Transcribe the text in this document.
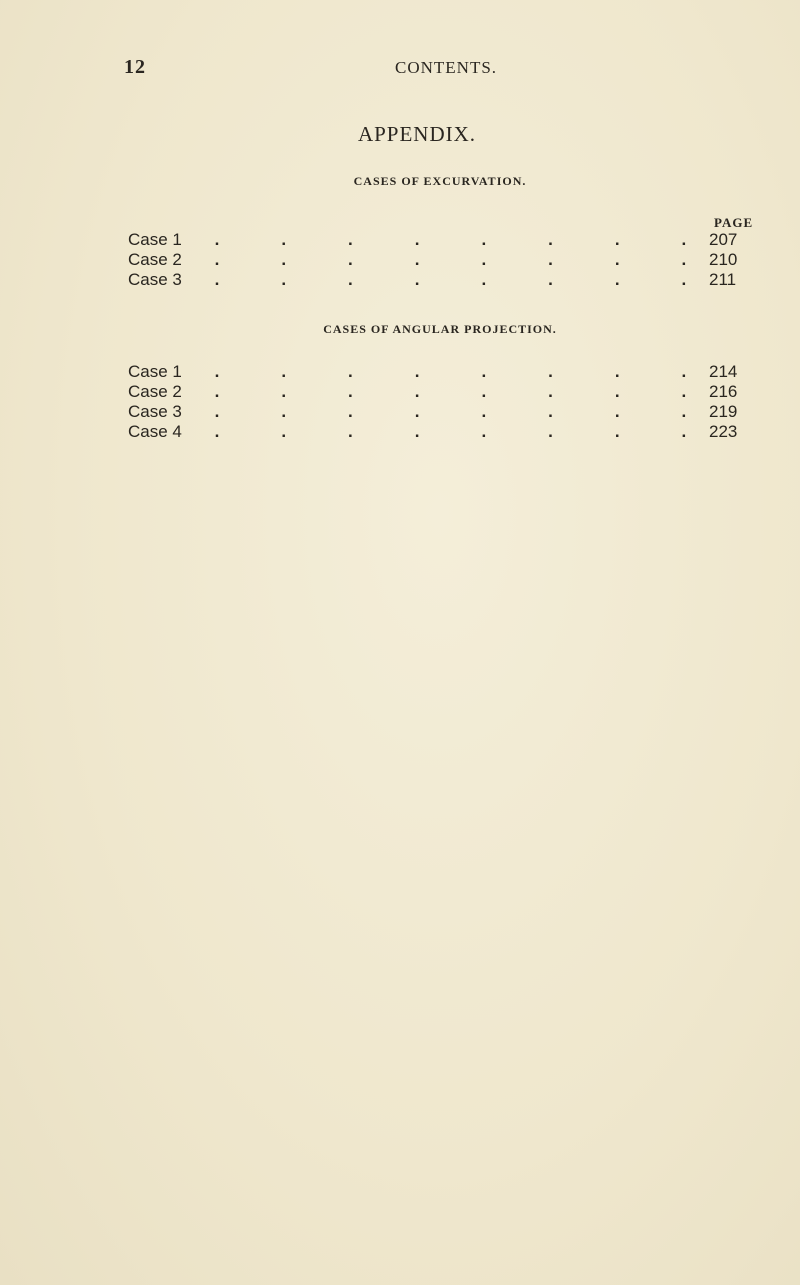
12	CONTENTS.
APPENDIX.
CASES OF EXCURVATION.
PAGE
Case 1 .	.	.	.	.	.	.	. 207
Case 2 .	.	.	.	.	.	.	. 210
Case 3 .	.	.	.	.	.	.	. 211
CASES OF ANGULAR PROJECTION.
Case 1 .	.	.	.	.	.	.	. 214
Case 2 .	.	.	.	.	.	.	. 216
Case 3 .	.	.	.	.	.	.	. 219
Case 4 .	.	.	.	.	.	.	. 223
